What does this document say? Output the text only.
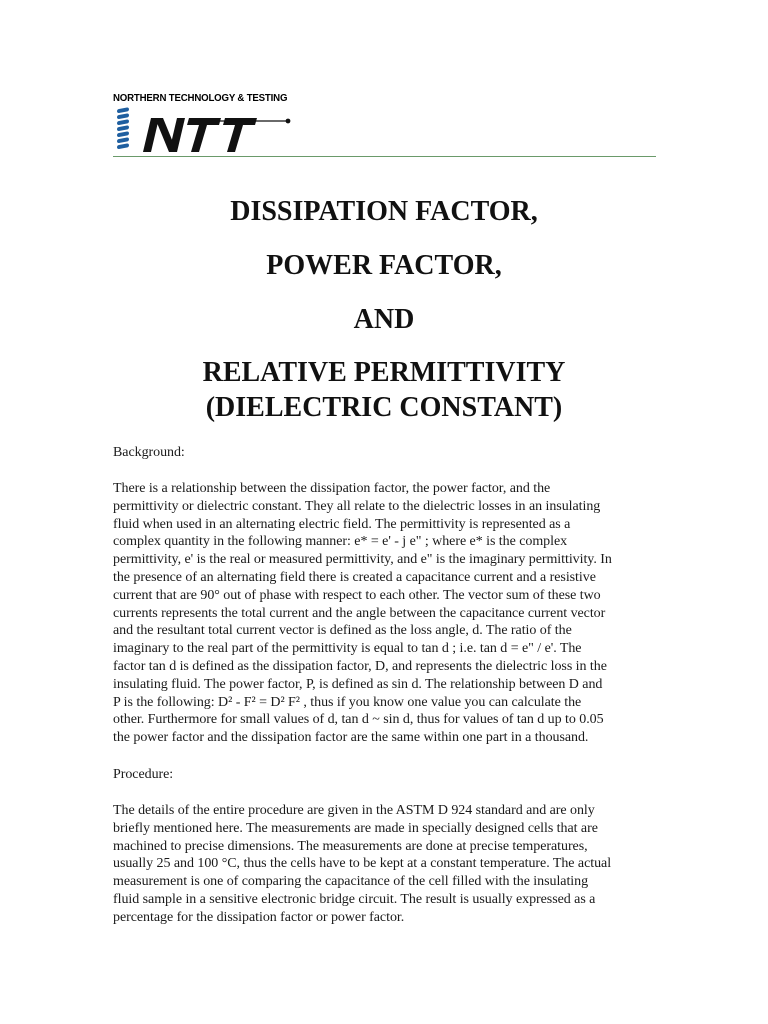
NORTHERN TECHNOLOGY & TESTING
DISSIPATION FACTOR,
POWER FACTOR,
AND
RELATIVE PERMITTIVITY
(DIELECTRIC CONSTANT)
Background:
There is a relationship between the dissipation factor, the power factor, and the
permittivity or dielectric constant. They all relate to the dielectric losses in an insulating
fluid when used in an alternating electric field. The permittivity is represented as a
complex quantity in the following manner: e* = e' - j e" ; where e* is the complex
permittivity, e' is the real or measured permittivity, and e" is the imaginary permittivity. In
the presence of an alternating field there is created a capacitance current and a resistive
current that are 90° out of phase with respect to each other. The vector sum of these two
currents represents the total current and the angle between the capacitance current vector
and the resultant total current vector is defined as the loss angle, d. The ratio of the
imaginary to the real part of the permittivity is equal to tan d ; i.e. tan d = e" / e'. The
factor tan d is defined as the dissipation factor, D, and represents the dielectric loss in the
insulating fluid. The power factor, P, is defined as sin d. The relationship between D and
P is the following: D² - F² = D² F² , thus if you know one value you can calculate the
other. Furthermore for small values of d, tan d ~ sin d, thus for values of tan d up to 0.05
the power factor and the dissipation factor are the same within one part in a thousand.
Procedure:
The details of the entire procedure are given in the ASTM D 924 standard and are only
briefly mentioned here. The measurements are made in specially designed cells that are
machined to precise dimensions. The measurements are done at precise temperatures,
usually 25 and 100 °C, thus the cells have to be kept at a constant temperature. The actual
measurement is one of comparing the capacitance of the cell filled with the insulating
fluid sample in a sensitive electronic bridge circuit. The result is usually expressed as a
percentage for the dissipation factor or power factor.
